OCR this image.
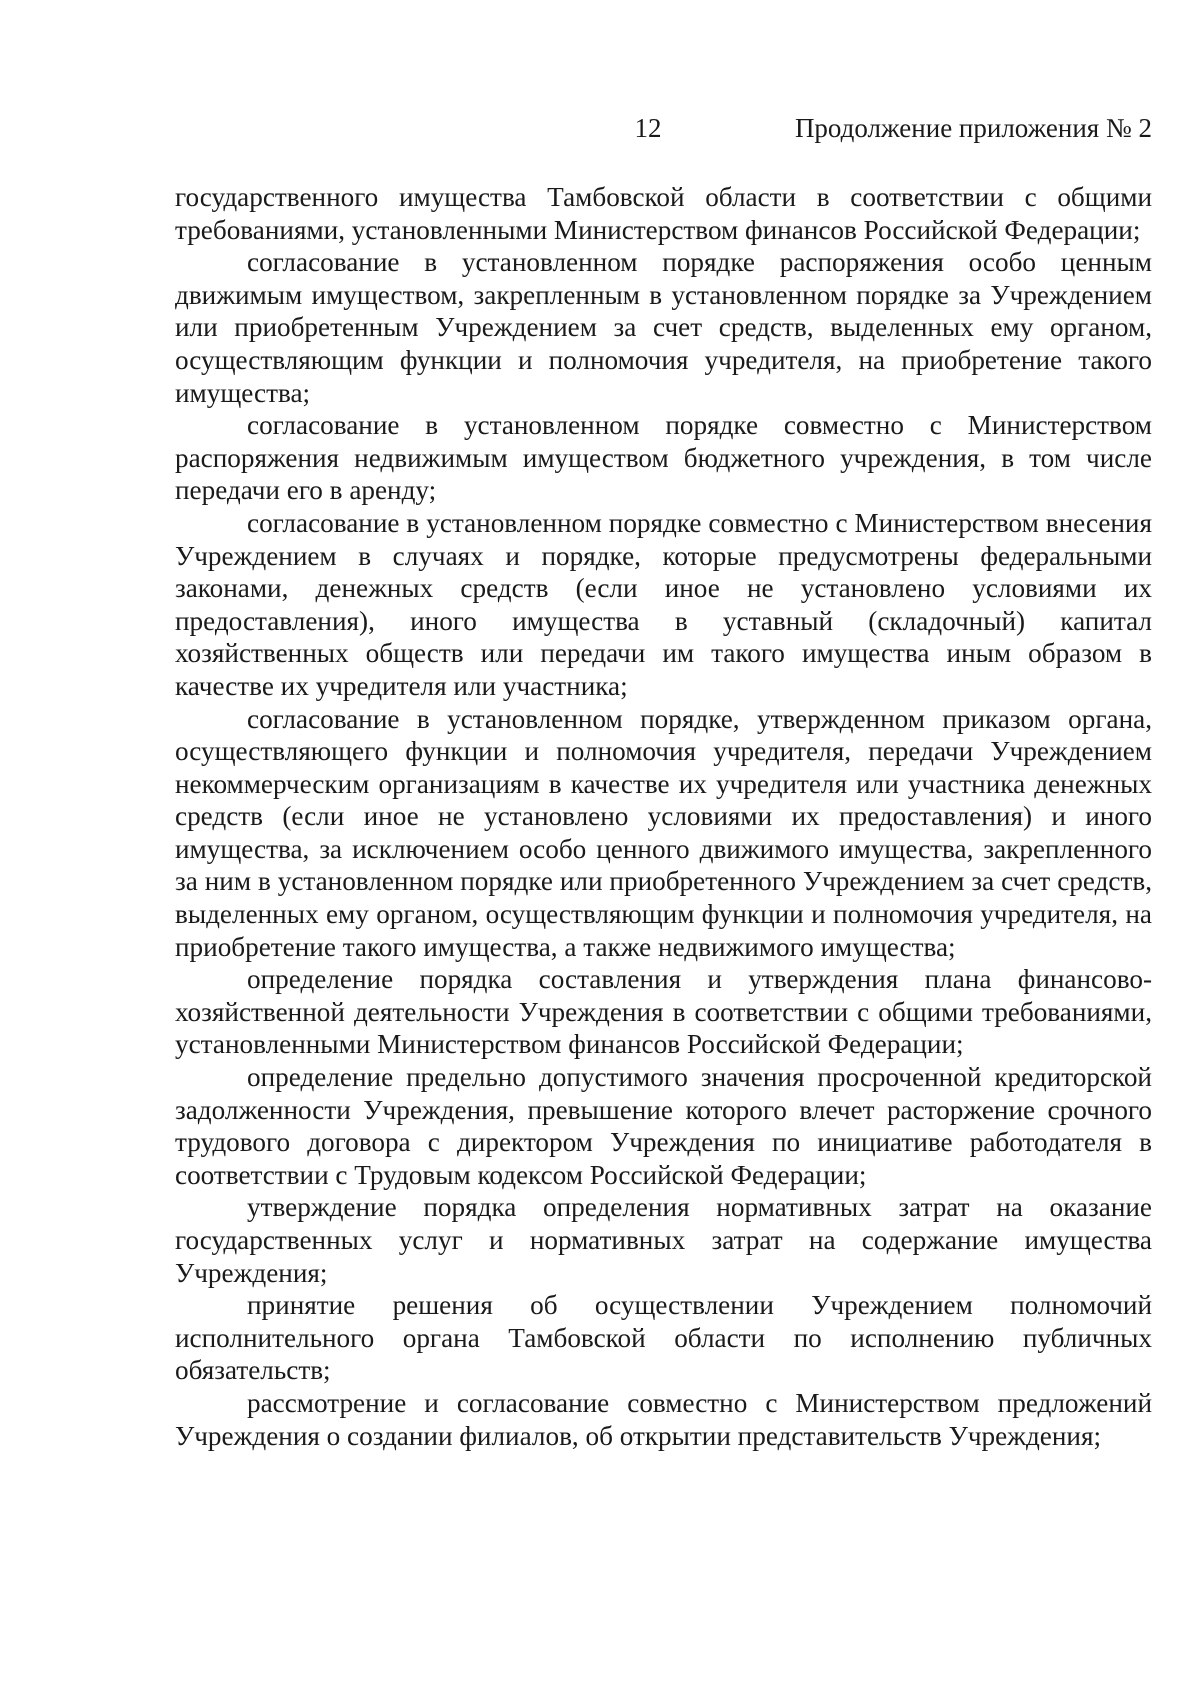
12	Продолжение приложения № 2

государственного имущества Тамбовской области в соответствии с общими требованиями, установленными Министерством финансов Российской Федерации;

согласование в установленном порядке распоряжения особо ценным движимым имуществом, закрепленным в установленном порядке за Учреждением или приобретенным Учреждением за счет средств, выделенных ему органом, осуществляющим функции и полномочия учредителя, на приобретение такого имущества;

согласование в установленном порядке совместно с Министерством распоряжения недвижимым имуществом бюджетного учреждения, в том числе передачи его в аренду;

согласование в установленном порядке совместно с Министерством внесения Учреждением в случаях и порядке, которые предусмотрены федеральными законами, денежных средств (если иное не установлено условиями их предоставления), иного имущества в уставный (складочный) капитал хозяйственных обществ или передачи им такого имущества иным образом в качестве их учредителя или участника;

согласование в установленном порядке, утвержденном приказом органа, осуществляющего функции и полномочия учредителя, передачи Учреждением некоммерческим организациям в качестве их учредителя или участника денежных средств (если иное не установлено условиями их предоставления) и иного имущества, за исключением особо ценного движимого имущества, закрепленного за ним в установленном порядке или приобретенного Учреждением за счет средств, выделенных ему органом, осуществляющим функции и полномочия учредителя, на приобретение такого имущества, а также недвижимого имущества;

определение порядка составления и утверждения плана финансово-хозяйственной деятельности Учреждения в соответствии с общими требованиями, установленными Министерством финансов Российской Федерации;

определение предельно допустимого значения просроченной кредиторской задолженности Учреждения, превышение которого влечет расторжение срочного трудового договора с директором Учреждения по инициативе работодателя в соответствии с Трудовым кодексом Российской Федерации;

утверждение порядка определения нормативных затрат на оказание государственных услуг и нормативных затрат на содержание имущества Учреждения;

принятие решения об осуществлении Учреждением полномочий исполнительного органа Тамбовской области по исполнению публичных обязательств;

рассмотрение и согласование совместно с Министерством предложений Учреждения о создании филиалов, об открытии представительств Учреждения;
